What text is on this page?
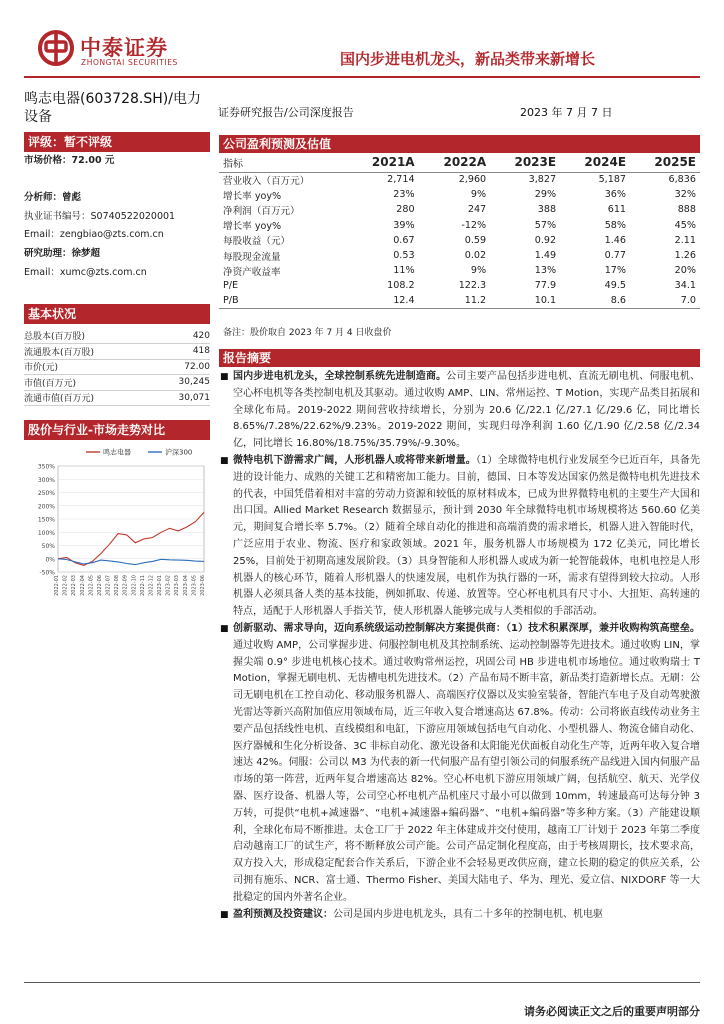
中泰证券
ZHONGTAI SECURITIES	国内步进电机龙头，新品类带来新增长
鸣志电器(603728.SH)/电力设备	证券研究报告/公司深度报告	2023 年 7 月 7 日
评级：暂不评级
市场价格：72.00 元
分析师：曾彪
执业证书编号：S0740522020001
Email：zengbiao@zts.com.cn
研究助理：徐梦超
Email：xumc@zts.com.cn
基本状况
总股本(百万股)	420
流通股本(百万股)	418
市价(元)	72.00
市值(百万元)	30,245
流通市值(百万元)	30,071
股价与行业-市场走势对比
350%
300%
250%
200%
150%
100%
50%
0%
-50%
2022-01 2022-02 2022-03 2022-04 2022-05 2022-06 2022-07 2022-08 2022-09 2022-10 2022-11 2022-12 2023-01 2023-02 2023-03 2023-04 2023-05 2023-06
鸣志电器	沪深300
公司盈利预测及估值
指标	2021A	2022A	2023E	2024E	2025E
营业收入（百万元）	2,714	2,960	3,827	5,187	6,836
增长率 yoy%	23%	9%	29%	36%	32%
净利润（百万元）	280	247	388	611	888
增长率 yoy%	39%	-12%	57%	58%	45%
每股收益（元）	0.67	0.59	0.92	1.46	2.11
每股现金流量	0.53	0.02	1.49	0.77	1.26
净资产收益率	11%	9%	13%	17%	20%
P/E	108.2	122.3	77.9	49.5	34.1
P/B	12.4	11.2	10.1	8.6	7.0
备注：股价取自 2023 年 7 月 4 日收盘价
报告摘要

■ 国内步进电机龙头，全球控制系统先进制造商。公司主要产品包括步进电机、直流无刷电机、伺服电机、空心杯电机等各类控制电机及其驱动。通过收购 AMP、LIN、常州运控、T Motion，实现产品类目拓展和全球化布局。2019-2022 期间营收持续增长，分别为 20.6 亿/22.1 亿/27.1 亿/29.6 亿，同比增长 8.65%/7.28%/22.62%/9.23%。2019-2022 期间，实现归母净利润 1.60 亿/1.90 亿/2.58 亿/2.34 亿，同比增长 16.80%/18.75%/35.79%/-9.30%。

■ 微特电机下游需求广阔，人形机器人或将带来新增量。（1）全球微特电机行业发展至今已近百年，具备先进的设计能力、成熟的关键工艺和精密加工能力。目前，德国、日本等发达国家仍然是微特电机先进技术的代表，中国凭借着相对丰富的劳动力资源和较低的原材料成本，已成为世界微特电机的主要生产大国和出口国。Allied Market Research 数据显示，预计到 2030 年全球微特电机市场规模将达 560.60 亿美元，期间复合增长率 5.7%。（2）随着全球自动化的推进和高端消费的需求增长，机器人进入智能时代，广泛应用于农业、物流、医疗和家政领域。2021 年，服务机器人市场规模为 172 亿美元，同比增长 25%，目前处于初期高速发展阶段。（3）具身智能和人形机器人或成为新一轮智能载体，电机电控是人形机器人的核心环节，随着人形机器人的快速发展，电机作为执行器的一环，需求有望得到较大拉动。人形机器人必须具备人类的基本技能，例如抓取、传递、放置等。空心杯电机具有尺寸小、大扭矩、高转速的特点，适配于人形机器人手指关节，使人形机器人能够完成与人类相似的手部活动。

■ 创新驱动、需求导向，迈向系统级运动控制解决方案提供商：（1）技术积累深厚，兼并收购构筑高壁垒。通过收购 AMP，公司掌握步进、伺服控制电机及其控制系统、运动控制器等先进技术。通过收购 LIN，掌握尖端 0.9° 步进电机核心技术。通过收购常州运控，巩固公司 HB 步进电机市场地位。通过收购瑞士 T Motion，掌握无刷电机、无齿槽电机先进技术。（2）产品布局不断丰富，新品类打造新增长点。无刷：公司无刷电机在工控自动化、移动服务机器人、高端医疗仪器以及实验室装备，智能汽车电子及自动驾驶激光雷达等新兴高附加值应用领域布局，近三年收入复合增速高达 67.8%。传动：公司将嵌直线传动业务主要产品包括线性电机、直线模组和电缸，下游应用领域包括电气自动化、小型机器人、物流仓储自动化、医疗器械和生化分析设备、3C 非标自动化、激光设备和太阳能光伏面板自动化生产等，近两年收入复合增速达 42%。伺服：公司以 M3 为代表的新一代伺服产品有望引领公司的伺服系统产品线进入国内伺服产品市场的第一阵营，近两年复合增速高达 82%。空心杯电机下游应用领域广阔，包括航空、航天、光学仪器、医疗设备、机器人等，公司空心杯电机产品机座尺寸最小可以做到 10mm，转速最高可达每分钟 3 万转，可提供“电机+减速器”、“电机+减速器+编码器”、“电机+编码器”等多种方案。（3）产能建设顺利，全球化布局不断推进。太仓工厂于 2022 年主体建成并交付使用，越南工厂计划于 2023 年第二季度启动越南工厂的试生产，将不断释放公司产能。公司产品定制化程度高，由于考核周期长，技术要求高，双方投入大，形成稳定配套合作关系后，下游企业不会轻易更改供应商，建立长期的稳定的供应关系，公司拥有施乐、NCR、富士通、Thermo Fisher、美国大陆电子、华为、理光、爱立信、NIXDORF 等一大批稳定的国内外著名企业。

■ 盈利预测及投资建议：公司是国内步进电机龙头，具有二十多年的控制电机、机电驱

请务必阅读正文之后的重要声明部分
